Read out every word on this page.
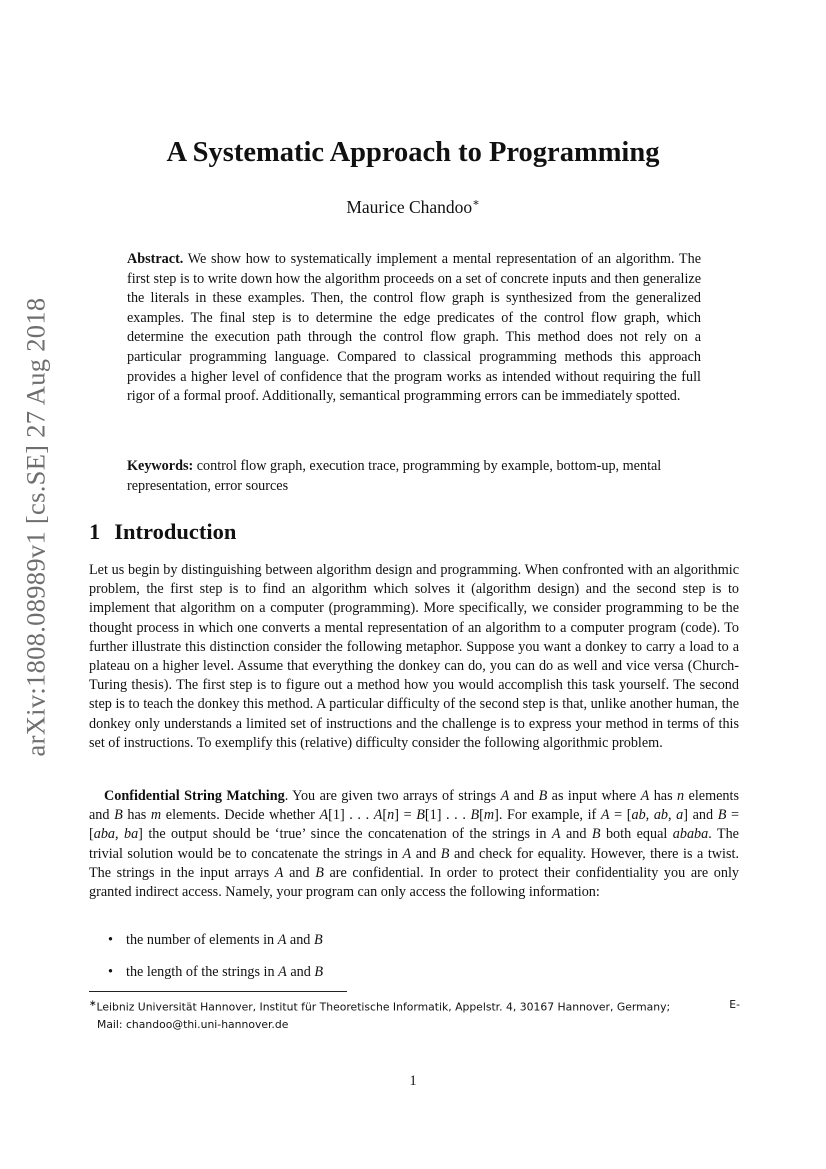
arXiv:1808.08989v1 [cs.SE] 27 Aug 2018
A Systematic Approach to Programming
Maurice Chandoo∗

Abstract. We show how to systematically implement a mental representation of an algorithm. The first step is to write down how the algorithm proceeds on a set of concrete inputs and then generalize the literals in these examples. Then, the control flow graph is synthesized from the generalized examples. The final step is to determine the edge predicates of the control flow graph, which determine the execution path through the control flow graph. This method does not rely on a particular programming language. Compared to classical programming methods this approach provides a higher level of confidence that the program works as intended without requiring the full rigor of a formal proof. Additionally, semantical programming errors can be immediately spotted.

Keywords: control flow graph, execution trace, programming by example, bottom-up, mental representation, error sources

1 Introduction

Let us begin by distinguishing between algorithm design and programming. When confronted with an algorithmic problem, the first step is to find an algorithm which solves it (algorithm design) and the second step is to implement that algorithm on a computer (programming). More specifically, we consider programming to be the thought process in which one converts a mental representation of an algorithm to a computer program (code). To further illustrate this distinction consider the following metaphor. Suppose you want a donkey to carry a load to a plateau on a higher level. Assume that everything the donkey can do, you can do as well and vice versa (Church-Turing thesis). The first step is to figure out a method how you would accomplish this task yourself. The second step is to teach the donkey this method. A particular difficulty of the second step is that, unlike another human, the donkey only understands a limited set of instructions and the challenge is to express your method in terms of this set of instructions. To exemplify this (relative) difficulty consider the following algorithmic problem.

Confidential String Matching. You are given two arrays of strings A and B as input where A has n elements and B has m elements. Decide whether A[1] . . . A[n] = B[1] . . . B[m]. For example, if A = [ab, ab, a] and B = [aba, ba] the output should be ‘true’ since the concatenation of the strings in A and B both equal ababa. The trivial solution would be to concatenate the strings in A and B and check for equality. However, there is a twist. The strings in the input arrays A and B are confidential. In order to protect their confidentiality you are only granted indirect access. Namely, your program can only access the following information:

• the number of elements in A and B
• the length of the strings in A and B
∗Leibniz Universität Hannover, Institut für Theoretische Informatik, Appelstr. 4, 30167 Hannover, Germany;	E-
Mail: chandoo@thi.uni-hannover.de
1
